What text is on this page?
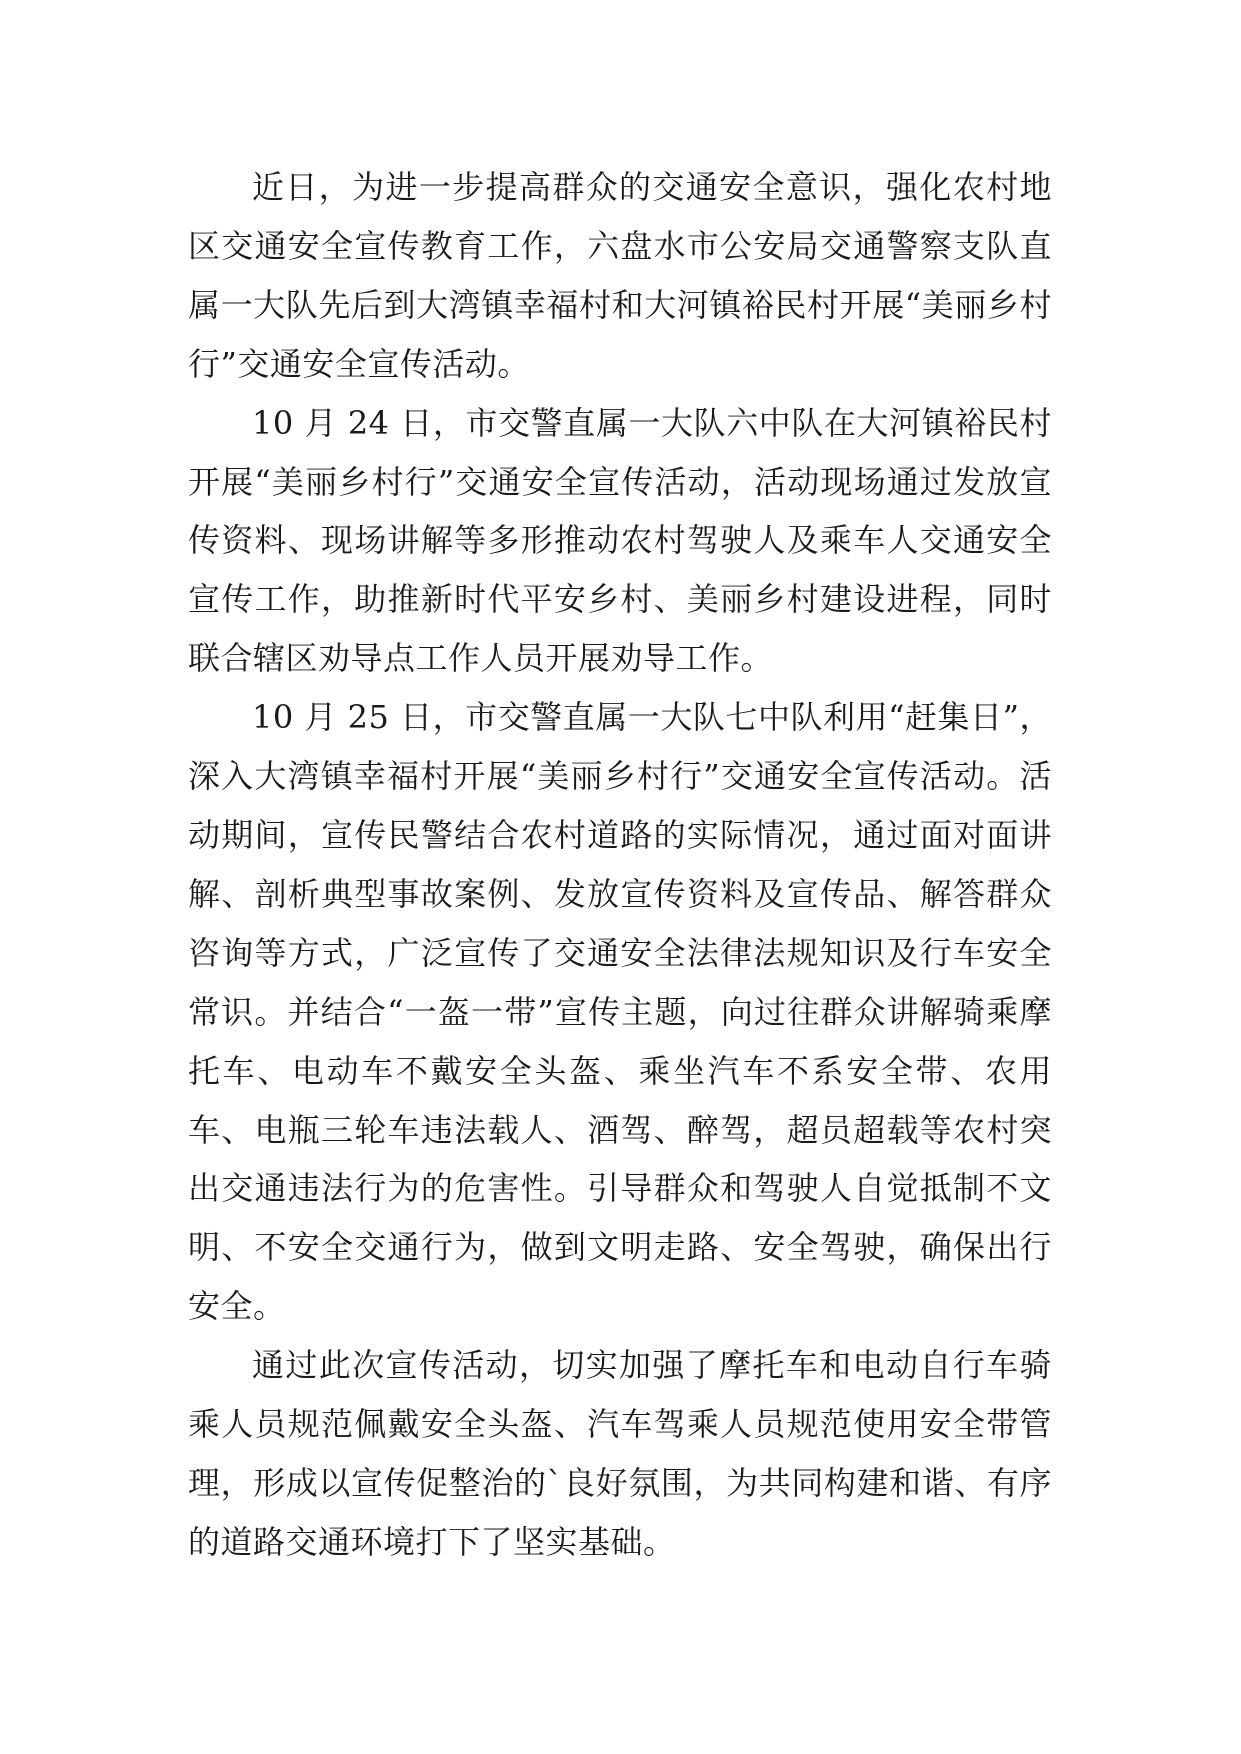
近日，为进一步提高群众的交通安全意识，强化农村地区交通安全宣传教育工作，六盘水市公安局交通警察支队直属一大队先后到大湾镇幸福村和大河镇裕民村开展“美丽乡村行”交通安全宣传活动。

10 月 24 日，市交警直属一大队六中队在大河镇裕民村开展“美丽乡村行”交通安全宣传活动，活动现场通过发放宣传资料、现场讲解等多形推动农村驾驶人及乘车人交通安全宣传工作，助推新时代平安乡村、美丽乡村建设进程，同时联合辖区劝导点工作人员开展劝导工作。

10 月 25 日，市交警直属一大队七中队利用“赶集日”，深入大湾镇幸福村开展“美丽乡村行”交通安全宣传活动。活动期间，宣传民警结合农村道路的实际情况，通过面对面讲解、剖析典型事故案例、发放宣传资料及宣传品、解答群众咨询等方式，广泛宣传了交通安全法律法规知识及行车安全常识。并结合“一盔一带”宣传主题，向过往群众讲解骑乘摩托车、电动车不戴安全头盔、乘坐汽车不系安全带、农用车、电瓶三轮车违法载人、酒驾、醉驾，超员超载等农村突出交通违法行为的危害性。引导群众和驾驶人自觉抵制不文明、不安全交通行为，做到文明走路、安全驾驶，确保出行安全。

通过此次宣传活动，切实加强了摩托车和电动自行车骑乘人员规范佩戴安全头盔、汽车驾乘人员规范使用安全带管理，形成以宣传促整治的`良好氛围，为共同构建和谐、有序的道路交通环境打下了坚实基础。
